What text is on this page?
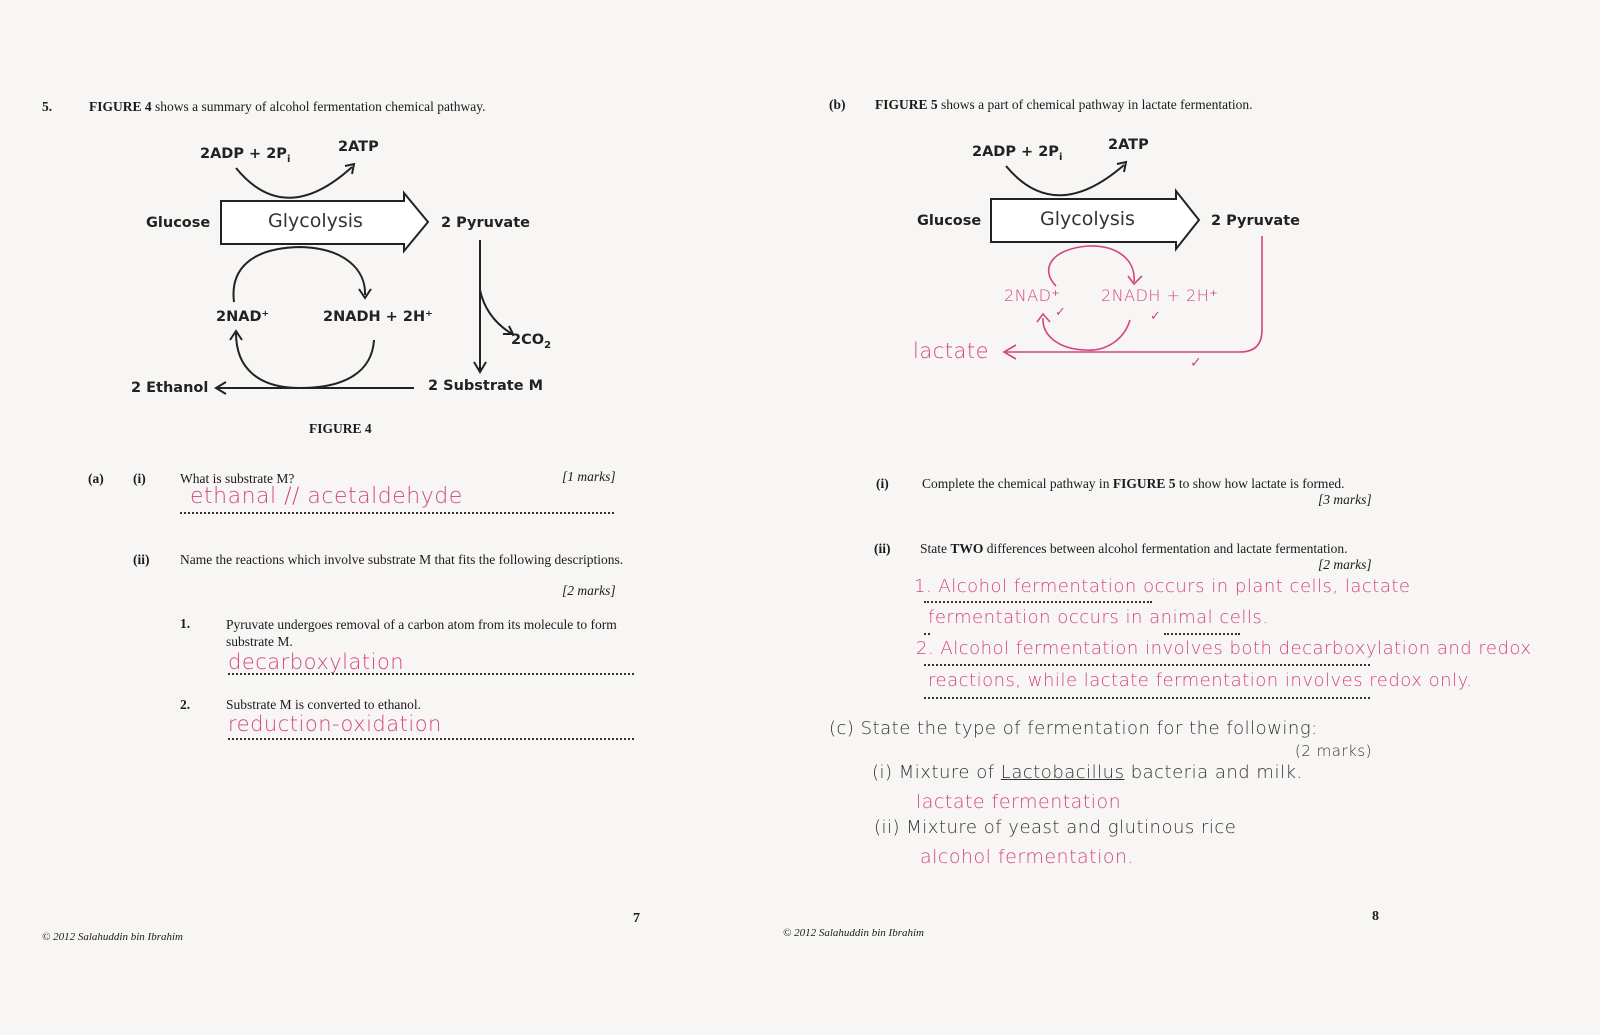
5.	FIGURE 4 shows a summary of alcohol fermentation chemical pathway.
$2ADP + 2P_i$
2ATP
Glucose	Glycolysis	2 Pyruvate
2NAD⁺	2NADH + 2H⁺
$2CO_2$
2 Substrate M
2 Ethanol
FIGURE 4
(a) (i)	What is substrate M?	[1 marks]
ethanal // acetaldehyde
(ii) Name the reactions which involve substrate M that fits the following descriptions.
[2 marks]
1.	Pyruvate undergoes removal of a carbon atom from its molecule to form substrate M.
decarboxylation
2.	Substrate M is converted to ethanol.
reduction-oxidation
7
© 2012 Salahuddin bin Ibrahim
(b) FIGURE 5 shows a part of chemical pathway in lactate fermentation.
$2ADP + 2P_i$
2ATP
Glucose	Glycolysis	2 Pyruvate
2NAD⁺	2NADH + 2H⁺
✓	✓
lactate	✓
(i) Complete the chemical pathway in FIGURE 5 to show how lactate is formed.
[3 marks]
(ii) State TWO differences between alcohol fermentation and lactate fermentation.
[2 marks]
1. Alcohol fermentation occurs in plant cells, lactate
fermentation occurs in animal cells.
2. Alcohol fermentation involves both decarboxylation and redox
reactions, while lactate fermentation involves redox only.
(c) State the type of fermentation for the following:
(2 marks)
(i) Mixture of Lactobacillus bacteria and milk.
lactate fermentation
(ii) Mixture of yeast and glutinous rice
alcohol fermentation.
8
© 2012 Salahuddin bin Ibrahim
